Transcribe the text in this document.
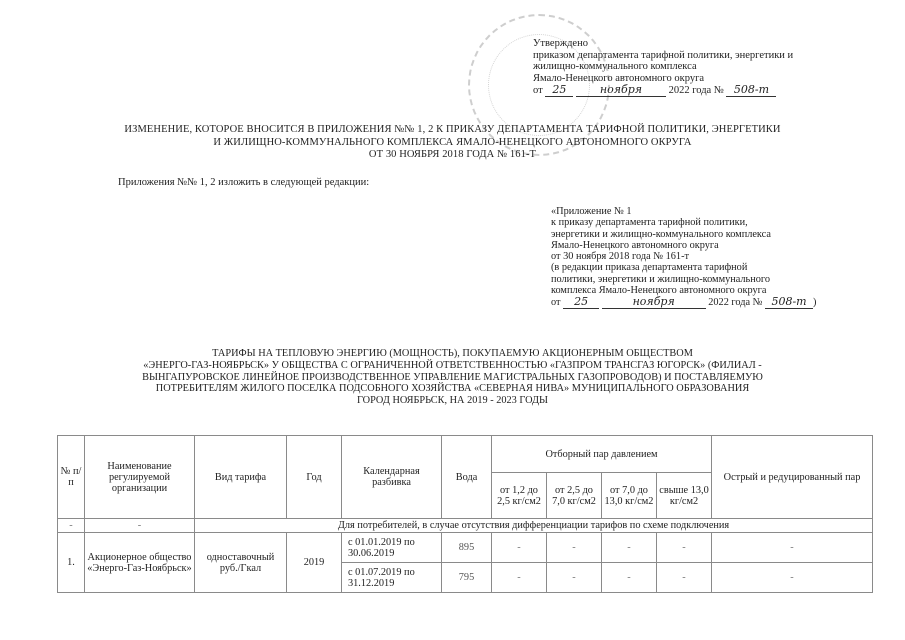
Утверждено
приказом департамента тарифной политики, энергетики и
жилищно-коммунального комплекса
Ямало-Ненецкого автономного округа
от 25	ноября	2022 года № 508-т
ИЗМЕНЕНИЕ, КОТОРОЕ ВНОСИТСЯ В ПРИЛОЖЕНИЯ №№ 1, 2 К ПРИКАЗУ ДЕПАРТАМЕНТА ТАРИФНОЙ ПОЛИТИКИ, ЭНЕРГЕТИКИ
И ЖИЛИЩНО-КОММУНАЛЬНОГО КОМПЛЕКСА ЯМАЛО-НЕНЕЦКОГО АВТОНОМНОГО ОКРУГА
ОТ 30 НОЯБРЯ 2018 ГОДА № 161-Т
Приложения №№ 1, 2 изложить в следующей редакции:
«Приложение № 1
к приказу департамента тарифной политики,
энергетики и жилищно-коммунального комплекса
Ямало-Ненецкого автономного округа
от 30 ноября 2018 года № 161-т
(в редакции приказа департамента тарифной
политики, энергетики и жилищно-коммунального
комплекса Ямало-Ненецкого автономного округа
от 25	ноября	2022 года № 508-т )
ТАРИФЫ НА ТЕПЛОВУЮ ЭНЕРГИЮ (МОЩНОСТЬ), ПОКУПАЕМУЮ АКЦИОНЕРНЫМ ОБЩЕСТВОМ
«ЭНЕРГО-ГАЗ-НОЯБРЬСК» У ОБЩЕСТВА С ОГРАНИЧЕННОЙ ОТВЕТСТВЕННОСТЬЮ «ГАЗПРОМ ТРАНСГАЗ ЮГОРСК» (ФИЛИАЛ -
ВЫНГАПУРОВСКОЕ ЛИНЕЙНОЕ ПРОИЗВОДСТВЕННОЕ УПРАВЛЕНИЕ МАГИСТРАЛЬНЫХ ГАЗОПРОВОДОВ) И ПОСТАВЛЯЕМУЮ
ПОТРЕБИТЕЛЯМ ЖИЛОГО ПОСЕЛКА ПОДСОБНОГО ХОЗЯЙСТВА «СЕВЕРНАЯ НИВА» МУНИЦИПАЛЬНОГО ОБРАЗОВАНИЯ
ГОРОД НОЯБРЬСК, НА 2019 - 2023 ГОДЫ
№ п/п	Наименование регулируемой организации	Вид тарифа	Год	Календарная разбивка	Вода	Отборный пар давлением				Острый и редуцированный пар
						от 1,2 до 2,5 кг/см2	от 2,5 до 7,0 кг/см2	от 7,0 до 13,0 кг/см2	свыше 13,0 кг/см2	
-	-	Для потребителей, в случае отсутствия дифференциации тарифов по схеме подключения								
1.	Акционерное общество «Энерго-Газ-Ноябрьск»	одноставочный руб./Гкал	2019	с 01.01.2019 по 30.06.2019	895	-	-	-	-	-
				с 01.07.2019 по 31.12.2019	795	-	-	-	-	-
